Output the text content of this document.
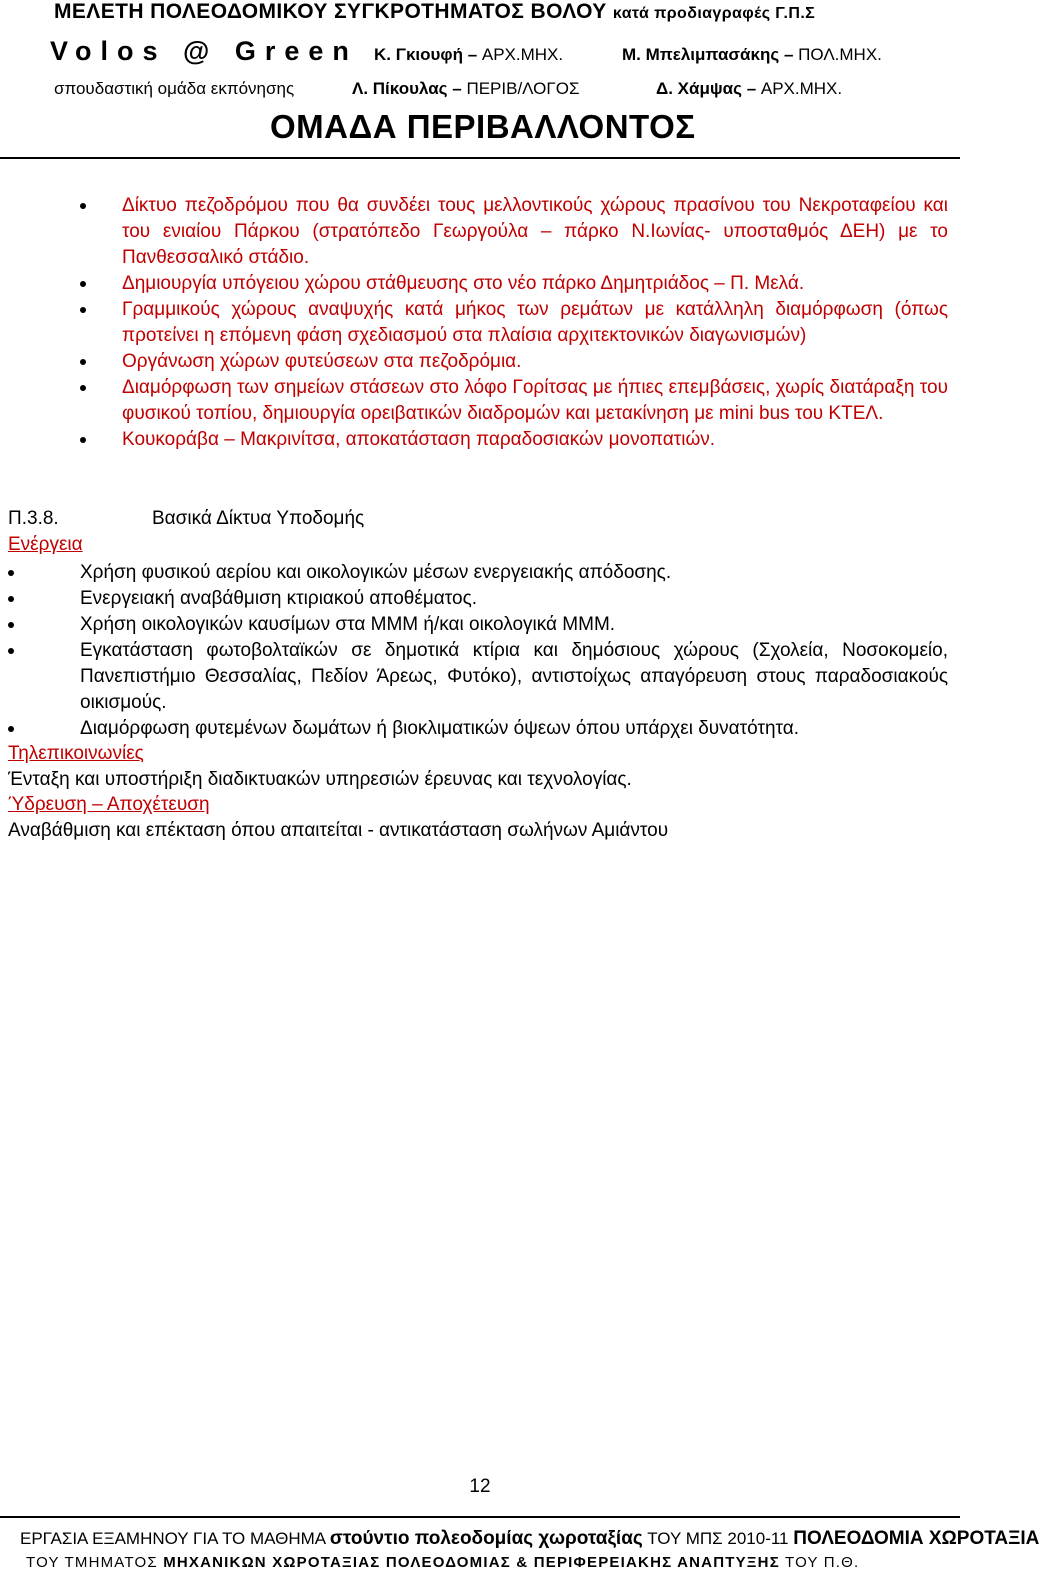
ΜΕΛΕΤΗ ΠΟΛΕΟΔΟΜΙΚΟΥ ΣΥΓΚΡΟΤΗΜΑΤΟΣ ΒΟΛΟΥ κατά προδιαγραφές Γ.Π.Σ
Volos @ Green Κ. Γκιουφή – ΑΡΧ.ΜΗΧ.	Μ. Μπελιμπασάκης – ΠΟΛ.ΜΗΧ.
σπουδαστική ομάδα εκπόνησης	Λ. Πίκουλας – ΠΕΡΙΒ/ΛΟΓΟΣ	Δ. Χάμψας – ΑΡΧ.ΜΗΧ.
ΟΜΑΔΑ ΠΕΡΙΒΑΛΛΟΝΤΟΣ
Δίκτυο πεζοδρόμου που θα συνδέει τους μελλοντικούς χώρους πρασίνου του Νεκροταφείου και του ενιαίου Πάρκου (στρατόπεδο Γεωργούλα – πάρκο Ν.Ιωνίας- υποσταθμός ΔΕΗ) με το Πανθεσσαλικό στάδιο.
Δημιουργία υπόγειου χώρου στάθμευσης στο νέο πάρκο Δημητριάδος – Π. Μελά.
Γραμμικούς χώρους αναψυχής κατά μήκος των ρεμάτων με κατάλληλη διαμόρφωση (όπως προτείνει η επόμενη φάση σχεδιασμού στα πλαίσια αρχιτεκτονικών διαγωνισμών)
Οργάνωση χώρων φυτεύσεων στα πεζοδρόμια.
Διαμόρφωση των σημείων στάσεων στο λόφο Γορίτσας με ήπιες επεμβάσεις, χωρίς διατάραξη του φυσικού τοπίου, δημιουργία ορειβατικών διαδρομών και μετακίνηση με mini bus του ΚΤΕΛ.
Κουκοράβα – Μακρινίτσα, αποκατάσταση παραδοσιακών μονοπατιών.
Π.3.8.	Βασικά Δίκτυα Υποδομής
Ενέργεια
Χρήση φυσικού αερίου και οικολογικών μέσων ενεργειακής απόδοσης.
Ενεργειακή αναβάθμιση κτιριακού αποθέματος.
Χρήση οικολογικών καυσίμων στα ΜΜΜ ή/και οικολογικά ΜΜΜ.
Εγκατάσταση φωτοβολταϊκών σε δημοτικά κτίρια και δημόσιους χώρους (Σχολεία, Νοσοκομείο, Πανεπιστήμιο Θεσσαλίας, Πεδίον Άρεως, Φυτόκο), αντιστοίχως απαγόρευση στους παραδοσιακούς οικισμούς.
Διαμόρφωση φυτεμένων δωμάτων ή βιοκλιματικών όψεων όπου υπάρχει δυνατότητα.
Τηλεπικοινωνίες
Ένταξη και υποστήριξη διαδικτυακών υπηρεσιών έρευνας και τεχνολογίας.
Ύδρευση – Αποχέτευση
Αναβάθμιση και επέκταση όπου απαιτείται - αντικατάσταση σωλήνων Αμιάντου
12
ΕΡΓΑΣΙΑ ΕΞΑΜΗΝΟΥ ΓΙΑ ΤΟ ΜΑΘΗΜΑ στούντιο πολεοδομίας χωροταξίας ΤΟΥ ΜΠΣ 2010-11 ΠΟΛΕΟΔΟΜΙΑ ΧΩΡΟΤΑΞΙΑ
ΤΟΥ ΤΜΗΜΑΤΟΣ ΜΗΧΑΝΙΚΩΝ ΧΩΡΟΤΑΞΙΑΣ ΠΟΛΕΟΔΟΜΙΑΣ & ΠΕΡΙΦΕΡΕΙΑΚΗΣ ΑΝΑΠΤΥΞΗΣ ΤΟΥ Π.Θ.
